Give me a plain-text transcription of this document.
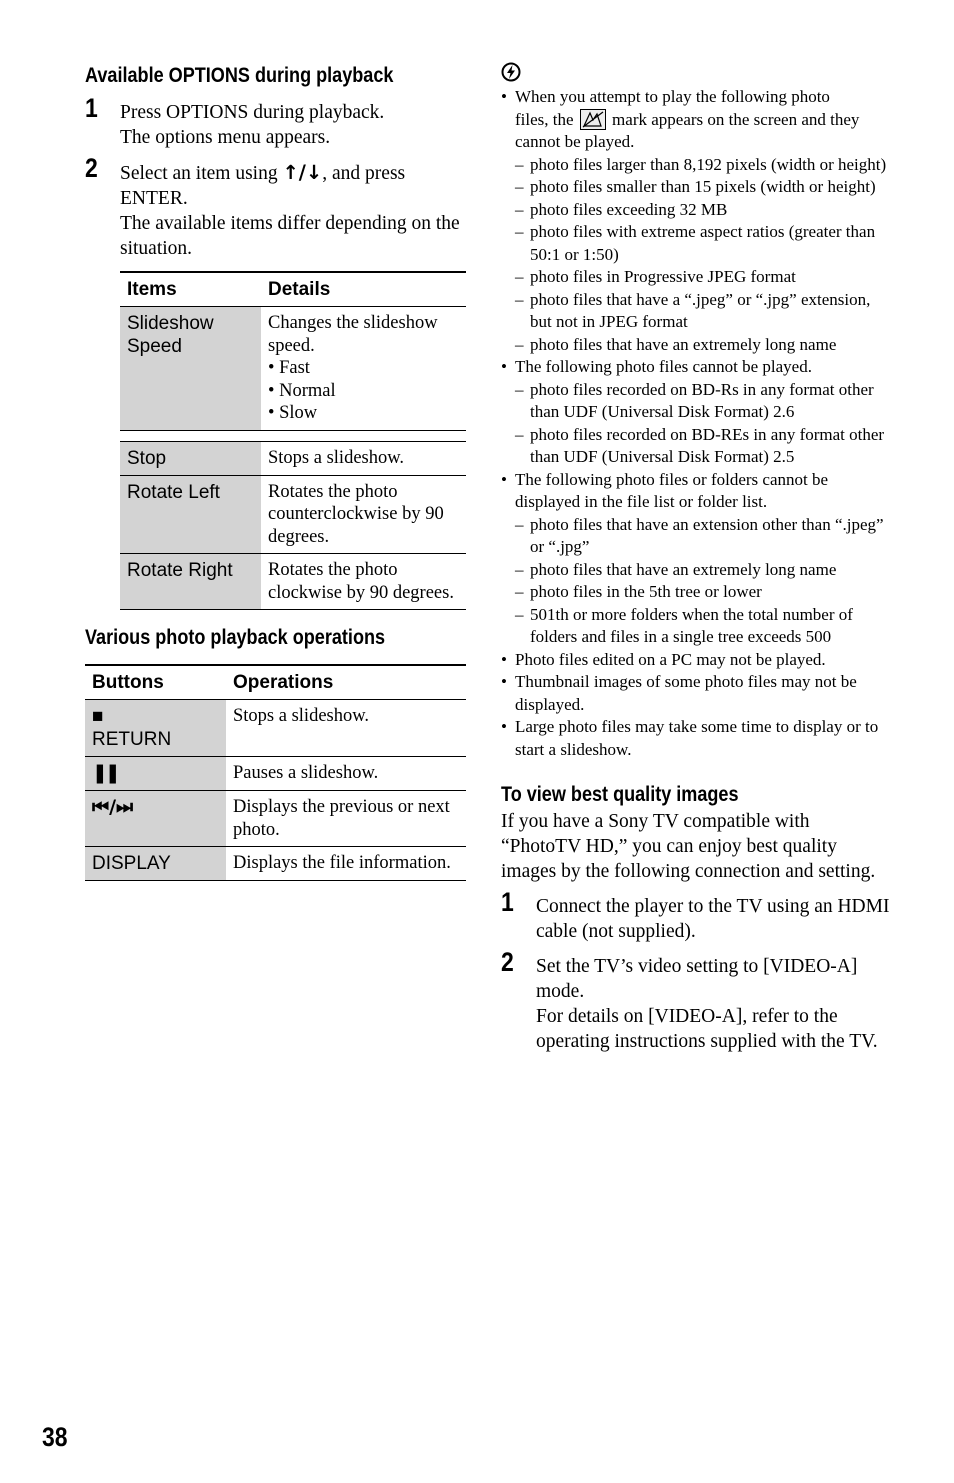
Available OPTIONS during playback
1 Press OPTIONS during playback.

The options menu appears.

2 Select an item using ↑/↓, and press

ENTER.

The available items differ depending on the situation.

Items	Details
Slideshow Speed	Changes the slideshow speed.
• Fast
• Normal
• Slow

Stop	Stops a slideshow.
Rotate Left	Rotates the photo counterclockwise by 90 degrees.
Rotate Right	Rotates the photo clockwise by 90 degrees.
Various photo playback operations
Buttons	Operations

■
RETURN	Stops a slideshow.
❚❚	Pauses a slideshow.
⏮/⏭	Displays the previous or next photo.
DISPLAY	Displays the file information.
• When you attempt to play the following photo
files, the mark appears on the screen and they
cannot be played.
– photo files larger than 8,192 pixels (width or height)
– photo files smaller than 15 pixels (width or height)
– photo files exceeding 32 MB
– photo files with extreme aspect ratios (greater than 50:1 or 1:50)
– photo files in Progressive JPEG format
– photo files that have a “.jpeg” or “.jpg” extension, but not in JPEG format
– photo files that have an extremely long name
• The following photo files cannot be played.
– photo files recorded on BD-Rs in any format other than UDF (Universal Disk Format) 2.6
– photo files recorded on BD-REs in any format other than UDF (Universal Disk Format) 2.5
• The following photo files or folders cannot be displayed in the file list or folder list.
– photo files that have an extension other than “.jpeg” or “.jpg”
– photo files that have an extremely long name
– photo files in the 5th tree or lower
– 501th or more folders when the total number of folders and files in a single tree exceeds 500
• Photo files edited on a PC may not be played.
• Thumbnail images of some photo files may not be displayed.
• Large photo files may take some time to display or to start a slideshow.
To view best quality images

If you have a Sony TV compatible with “PhotoTV HD,” you can enjoy best quality images by the following connection and setting.

1 Connect the player to the TV using an HDMI cable (not supplied).

2 Set the TV’s video setting to [VIDEO-A] mode.

For details on [VIDEO-A], refer to the operating instructions supplied with the TV.

38
